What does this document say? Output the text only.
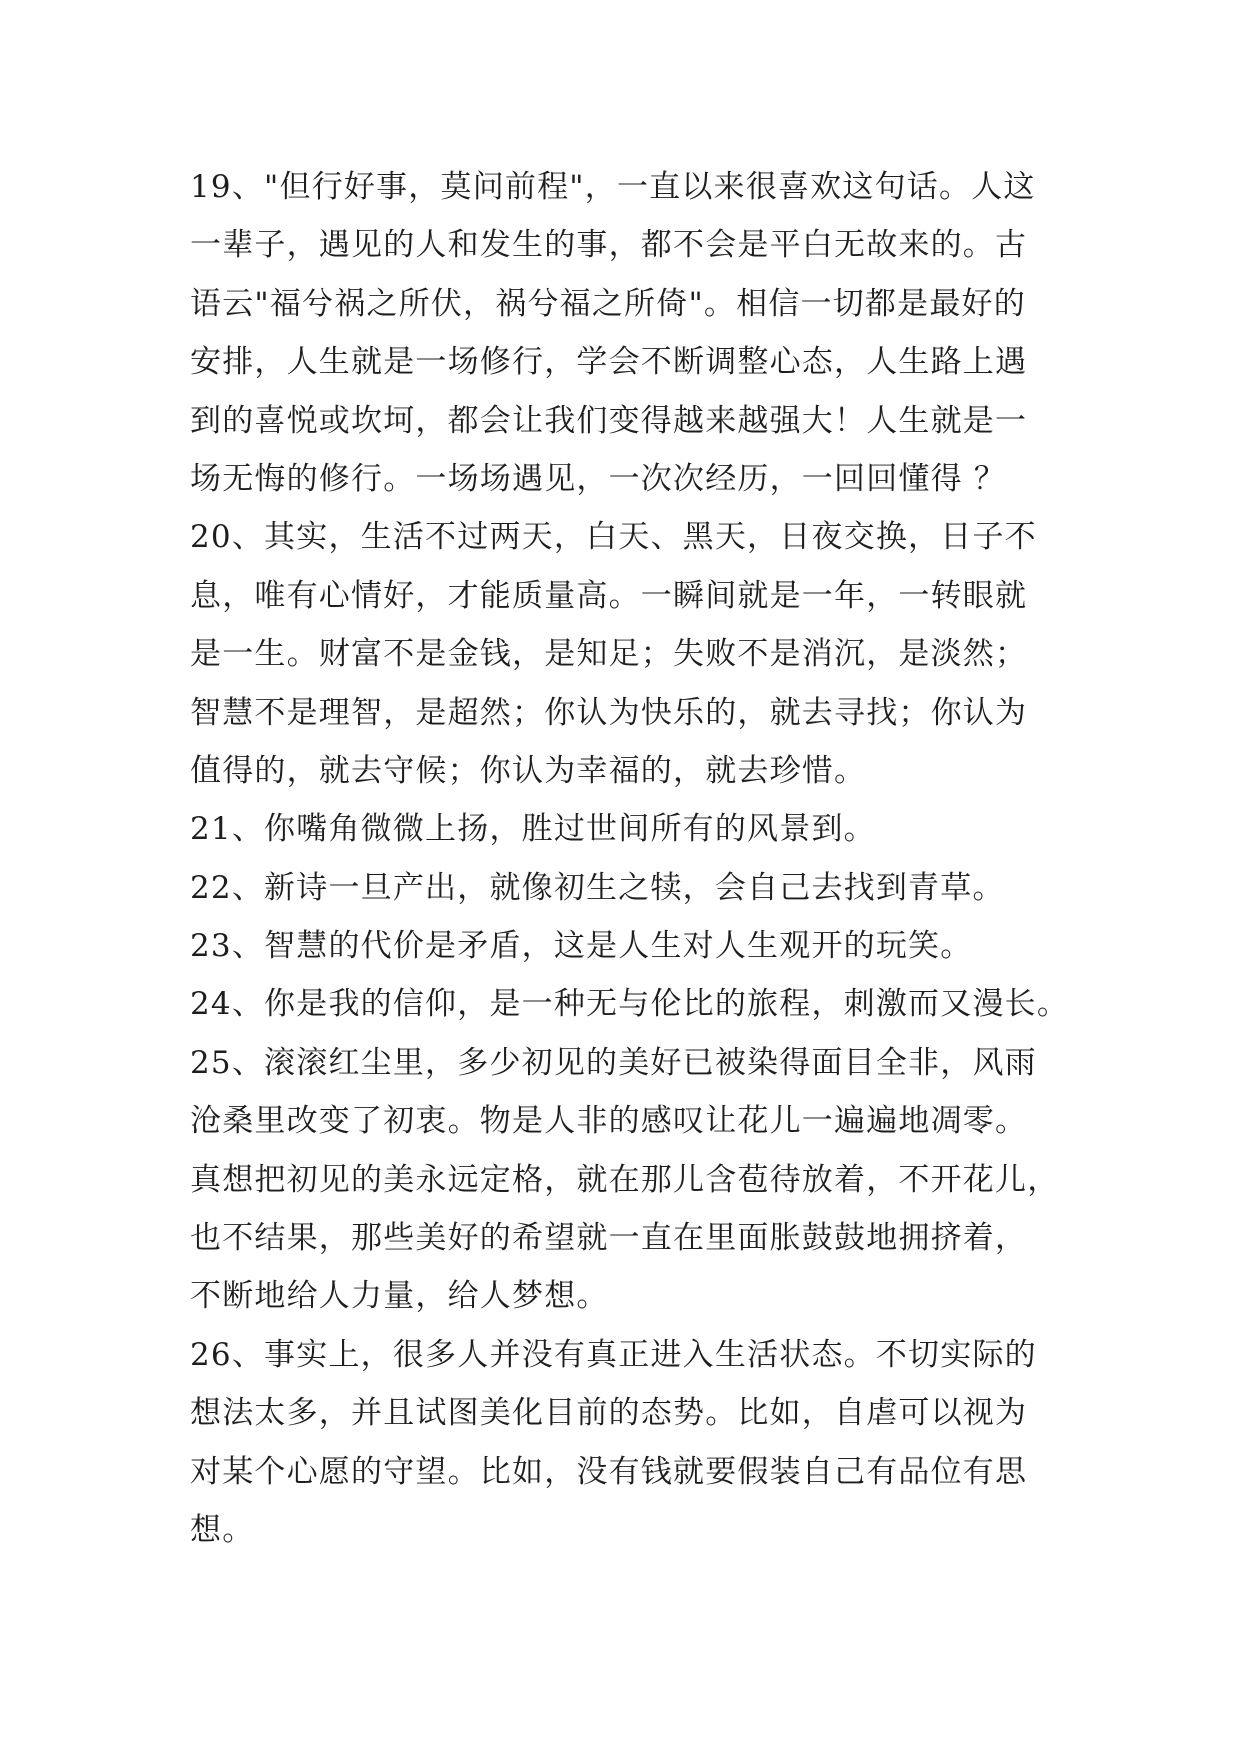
19、"但行好事，莫问前程"，一直以来很喜欢这句话。人这
一辈子，遇见的人和发生的事，都不会是平白无故来的。古
语云"福兮祸之所伏，祸兮福之所倚"。相信一切都是最好的
安排，人生就是一场修行，学会不断调整心态，人生路上遇
到的喜悦或坎坷，都会让我们变得越来越强大！人生就是一
场无悔的修行。一场场遇见，一次次经历，一回回懂得 ？
20、其实，生活不过两天，白天、黑天，日夜交换，日子不
息，唯有心情好，才能质量高。一瞬间就是一年，一转眼就
是一生。财富不是金钱，是知足；失败不是消沉，是淡然；
智慧不是理智，是超然；你认为快乐的，就去寻找；你认为
值得的，就去守候；你认为幸福的，就去珍惜。
21、你嘴角微微上扬，胜过世间所有的风景到。
22、新诗一旦产出，就像初生之犊，会自己去找到青草。
23、智慧的代价是矛盾，这是人生对人生观开的玩笑。
24、你是我的信仰，是一种无与伦比的旅程，刺激而又漫长。
25、滚滚红尘里，多少初见的美好已被染得面目全非，风雨
沧桑里改变了初衷。物是人非的感叹让花儿一遍遍地凋零。
真想把初见的美永远定格，就在那儿含苞待放着，不开花儿，
也不结果，那些美好的希望就一直在里面胀鼓鼓地拥挤着，
不断地给人力量，给人梦想。
26、事实上，很多人并没有真正进入生活状态。不切实际的
想法太多，并且试图美化目前的态势。比如，自虐可以视为
对某个心愿的守望。比如，没有钱就要假装自己有品位有思
想。
